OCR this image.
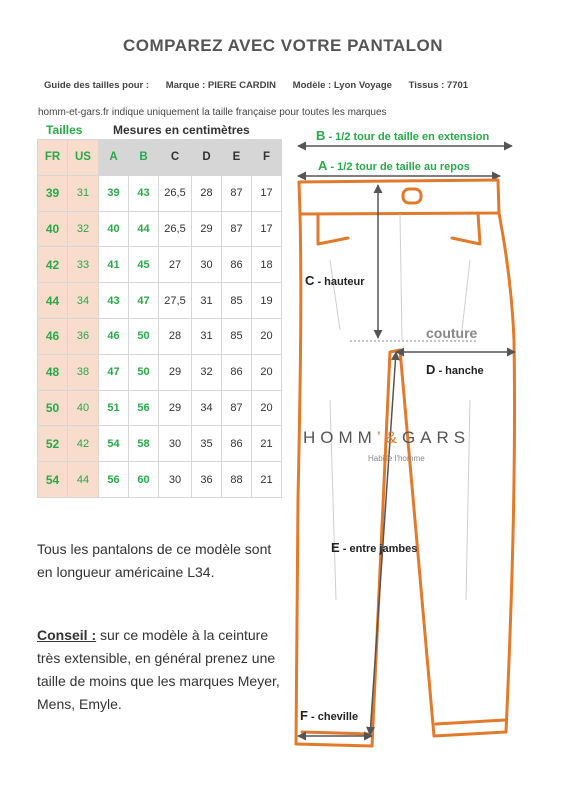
COMPAREZ AVEC VOTRE PANTALON
Guide des tailles pour : Marque : PIERE CARDIN Modèle : Lyon Voyage Tissus : 7701
homm-et-gars.fr indique uniquement la taille française pour toutes les marques
Tailles	Mesures en centimètres
FR	US	A	B	C	D	E	F
39	31	39	43	26,5	28	87	17
40	32	40	44	26,5	29	87	17
42	33	41	45	27	30	86	18
44	34	43	47	27,5	31	85	19
46	36	46	50	28	31	85	20
48	38	47	50	29	32	86	20
50	40	51	56	29	34	87	20
52	42	54	58	30	35	86	21
54	44	56	60	30	36	88	21
Tous les pantalons de ce modèle sont en longueur américaine L34.
Conseil : sur ce modèle à la ceinture très extensible, en général prenez une taille de moins que les marques Meyer, Mens, Emyle.
B - 1/2 tour de taille en extension
A - 1/2 tour de taille au repos
C - hauteur
couture
D - hanche
E - entre jambes
F - cheville
HOMM’&GARS
Habille l'homme
